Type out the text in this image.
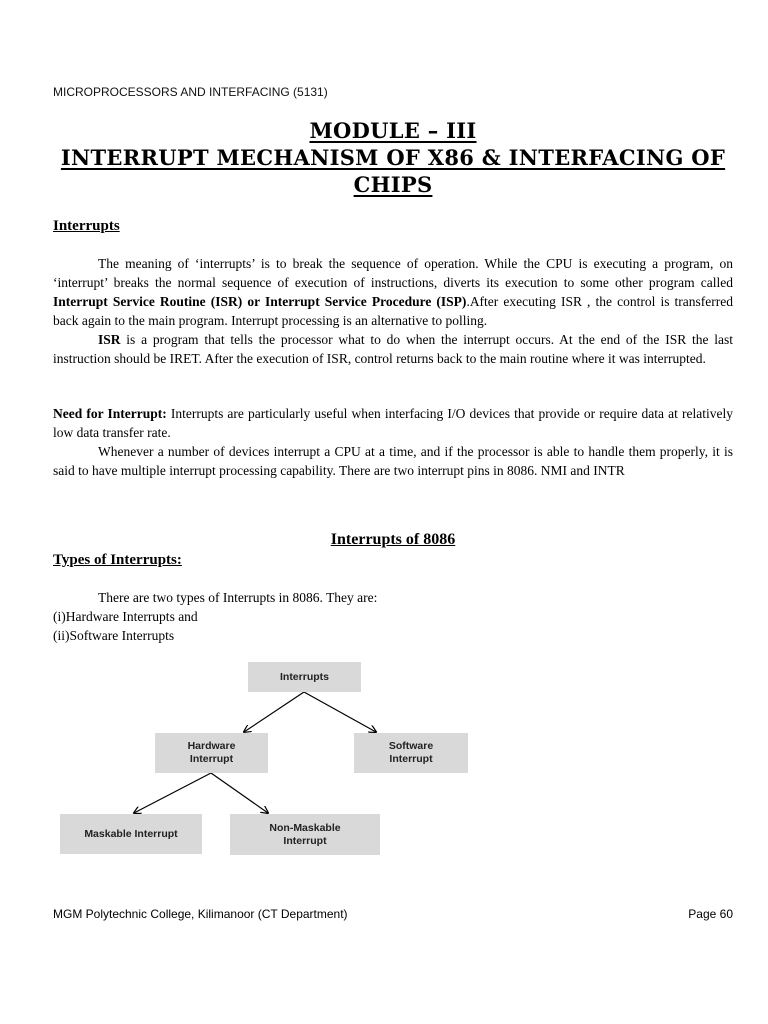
MICROPROCESSORS AND INTERFACING (5131)
MODULE – III
INTERRUPT MECHANISM OF X86 & INTERFACING OF
CHIPS
Interrupts
The meaning of ‘interrupts’ is to break the sequence of operation. While the CPU is executing a program, on ‘interrupt’ breaks the normal sequence of execution of instructions, diverts its execution to some other program called Interrupt Service Routine (ISR) or Interrupt Service Procedure (ISP).After executing ISR , the control is transferred back again to the main program. Interrupt processing is an alternative to polling.
ISR is a program that tells the processor what to do when the interrupt occurs. At the end of the ISR the last instruction should be IRET. After the execution of ISR, control returns back to the main routine where it was interrupted.
Need for Interrupt: Interrupts are particularly useful when interfacing I/O devices that provide or require data at relatively low data transfer rate.
Whenever a number of devices interrupt a CPU at a time, and if the processor is able to handle them properly, it is said to have multiple interrupt processing capability. There are two interrupt pins in 8086. NMI and INTR
Interrupts of 8086
Types of Interrupts:
There are two types of Interrupts in 8086. They are:
(i)Hardware Interrupts and
(ii)Software Interrupts
Interrupts
Hardware
Interrupt
Software
Interrupt
Maskable Interrupt	Non-Maskable
Interrupt
MGM Polytechnic College, Kilimanoor (CT Department)	Page 60
